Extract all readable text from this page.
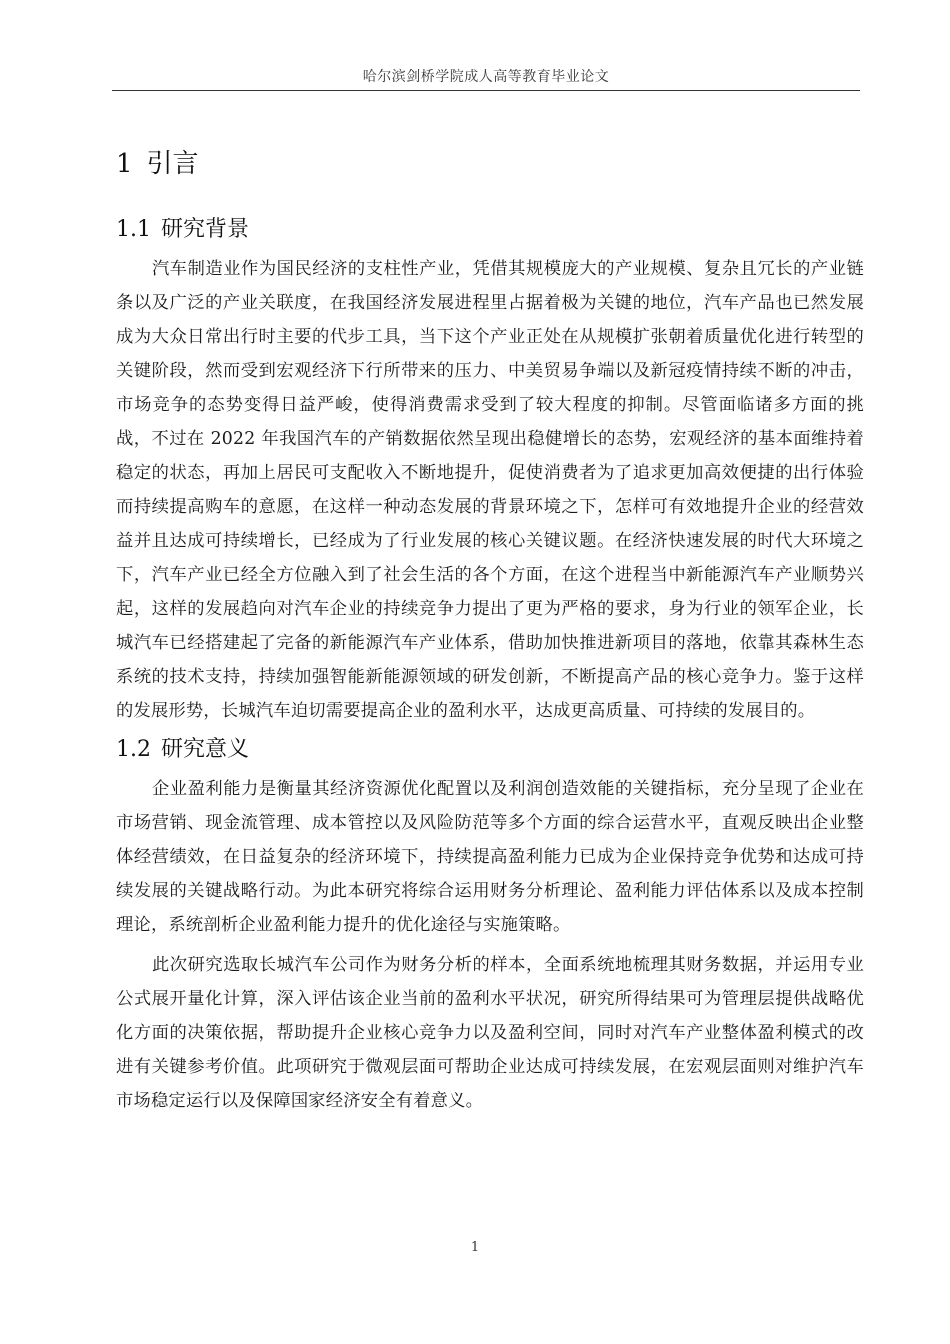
哈尔滨剑桥学院成人高等教育毕业论文
1 引言
1.1 研究背景

汽车制造业作为国民经济的支柱性产业，凭借其规模庞大的产业规模、复杂且冗长的产业链条以及广泛的产业关联度，在我国经济发展进程里占据着极为关键的地位，汽车产品也已然发展成为大众日常出行时主要的代步工具，当下这个产业正处在从规模扩张朝着质量优化进行转型的关键阶段，然而受到宏观经济下行所带来的压力、中美贸易争端以及新冠疫情持续不断的冲击，市场竞争的态势变得日益严峻，使得消费需求受到了较大程度的抑制。尽管面临诸多方面的挑战，不过在 2022 年我国汽车的产销数据依然呈现出稳健增长的态势，宏观经济的基本面维持着稳定的状态，再加上居民可支配收入不断地提升，促使消费者为了追求更加高效便捷的出行体验而持续提高购车的意愿，在这样一种动态发展的背景环境之下，怎样可有效地提升企业的经营效益并且达成可持续增长，已经成为了行业发展的核心关键议题。在经济快速发展的时代大环境之下，汽车产业已经全方位融入到了社会生活的各个方面，在这个进程当中新能源汽车产业顺势兴起，这样的发展趋向对汽车企业的持续竞争力提出了更为严格的要求，身为行业的领军企业，长城汽车已经搭建起了完备的新能源汽车产业体系，借助加快推进新项目的落地，依靠其森林生态系统的技术支持，持续加强智能新能源领域的研发创新，不断提高产品的核心竞争力。鉴于这样的发展形势，长城汽车迫切需要提高企业的盈利水平，达成更高质量、可持续的发展目的。

1.2 研究意义

企业盈利能力是衡量其经济资源优化配置以及利润创造效能的关键指标，充分呈现了企业在市场营销、现金流管理、成本管控以及风险防范等多个方面的综合运营水平，直观反映出企业整体经营绩效，在日益复杂的经济环境下，持续提高盈利能力已成为企业保持竞争优势和达成可持续发展的关键战略行动。为此本研究将综合运用财务分析理论、盈利能力评估体系以及成本控制理论，系统剖析企业盈利能力提升的优化途径与实施策略。

此次研究选取长城汽车公司作为财务分析的样本，全面系统地梳理其财务数据，并运用专业公式展开量化计算，深入评估该企业当前的盈利水平状况，研究所得结果可为管理层提供战略优化方面的决策依据，帮助提升企业核心竞争力以及盈利空间，同时对汽车产业整体盈利模式的改进有关键参考价值。此项研究于微观层面可帮助企业达成可持续发展，在宏观层面则对维护汽车市场稳定运行以及保障国家经济安全有着意义。

1
